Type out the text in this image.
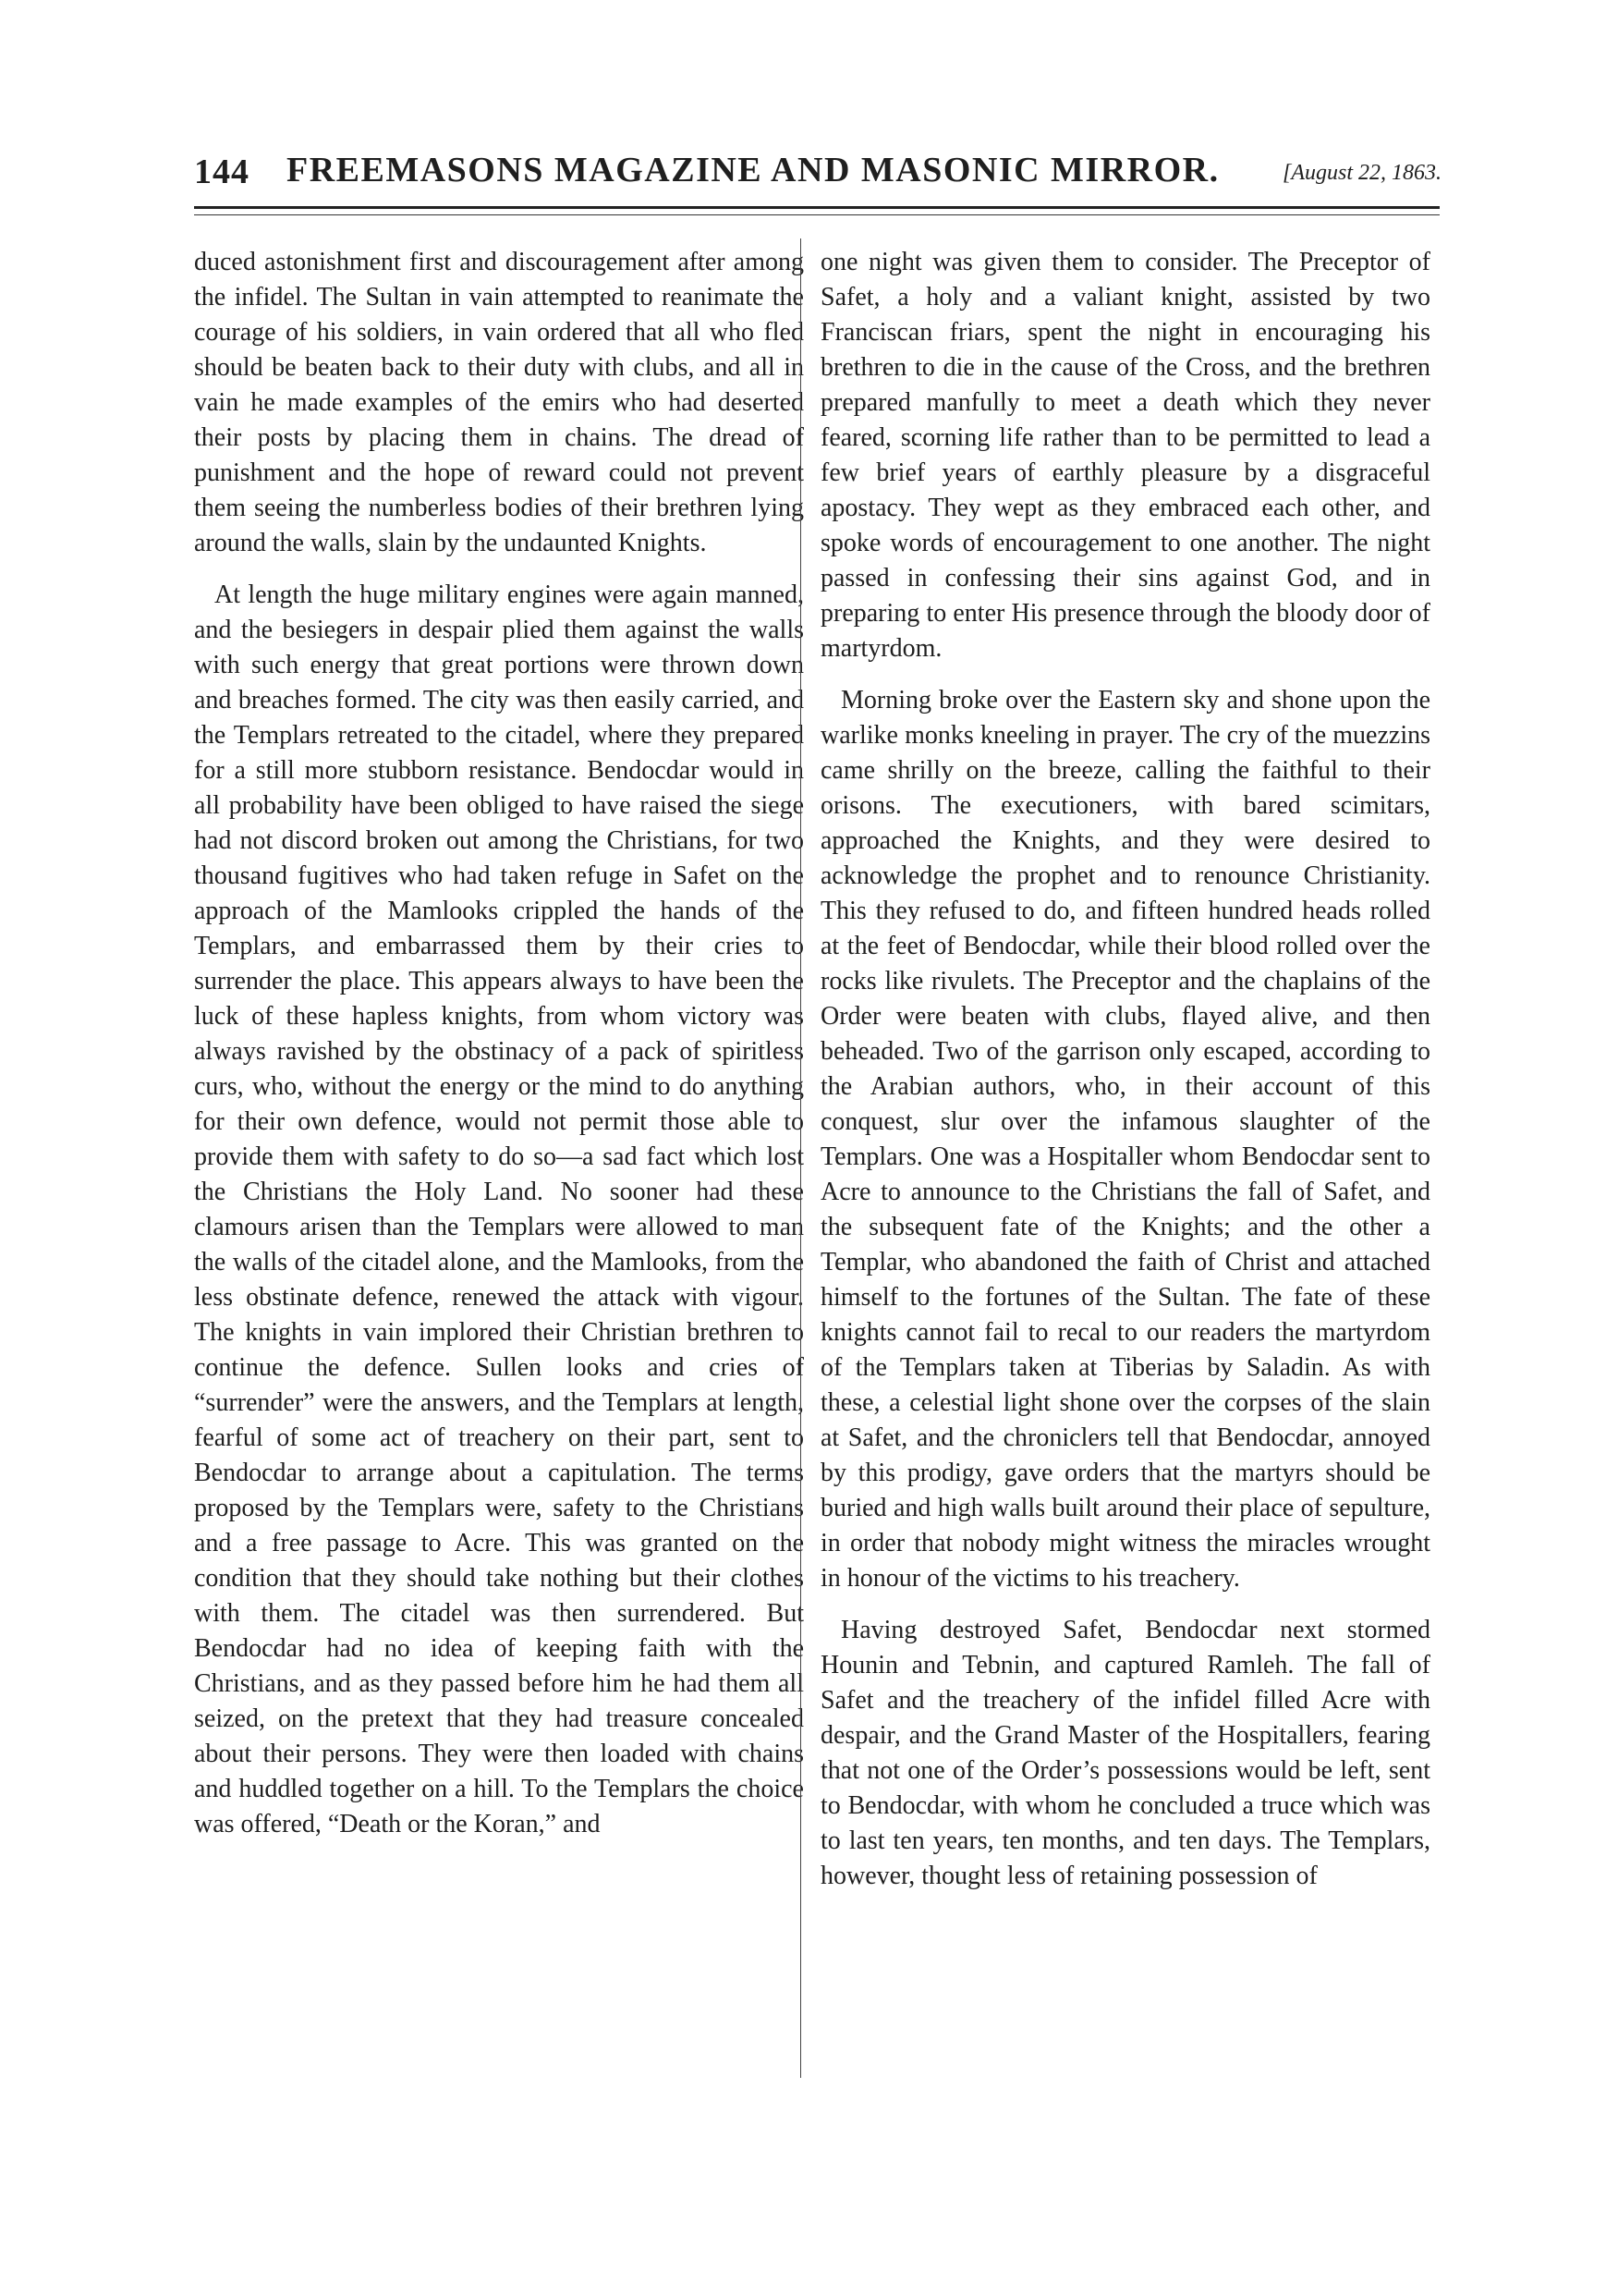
144 FREEMASONS MAGAZINE AND MASONIC MIRROR.	[August 22, 1863.

duced astonishment first and discouragement after among the infidel. The Sultan in vain attempted to reanimate the courage of his soldiers, in vain ordered that all who fled should be beaten back to their duty with clubs, and all in vain he made examples of the emirs who had deserted their posts by placing them in chains. The dread of punishment and the hope of reward could not prevent them seeing the numberless bodies of their brethren lying around the walls, slain by the undaunted Knights.

At length the huge military engines were again manned, and the besiegers in despair plied them against the walls with such energy that great portions were thrown down and breaches formed. The city was then easily carried, and the Templars retreated to the citadel, where they prepared for a still more stubborn resistance. Bendocdar would in all probability have been obliged to have raised the siege had not discord broken out among the Christians, for two thousand fugitives who had taken refuge in Safet on the approach of the Mamlooks crippled the hands of the Templars, and embarrassed them by their cries to surrender the place. This appears always to have been the luck of these hapless knights, from whom victory was always ravished by the obstinacy of a pack of spiritless curs, who, without the energy or the mind to do anything for their own defence, would not permit those able to provide them with safety to do so—a sad fact which lost the Christians the Holy Land. No sooner had these clamours arisen than the Templars were allowed to man the walls of the citadel alone, and the Mamlooks, from the less obstinate defence, renewed the attack with vigour. The knights in vain implored their Christian brethren to continue the defence. Sullen looks and cries of “surrender” were the answers, and the Templars at length, fearful of some act of treachery on their part, sent to Bendocdar to arrange about a capitulation. The terms proposed by the Templars were, safety to the Christians and a free passage to Acre. This was granted on the condition that they should take nothing but their clothes with them. The citadel was then surrendered. But Bendocdar had no idea of keeping faith with the Christians, and as they passed before him he had them all seized, on the pretext that they had treasure concealed about their persons. They were then loaded with chains and huddled together on a hill. To the Templars the choice was offered, “Death or the Koran,” and

one night was given them to consider. The Preceptor of Safet, a holy and a valiant knight, assisted by two Franciscan friars, spent the night in encouraging his brethren to die in the cause of the Cross, and the brethren prepared manfully to meet a death which they never feared, scorning life rather than to be permitted to lead a few brief years of earthly pleasure by a disgraceful apostacy. They wept as they embraced each other, and spoke words of encouragement to one another. The night passed in confessing their sins against God, and in preparing to enter His presence through the bloody door of martyrdom.

Morning broke over the Eastern sky and shone upon the warlike monks kneeling in prayer. The cry of the muezzins came shrilly on the breeze, calling the faithful to their orisons. The executioners, with bared scimitars, approached the Knights, and they were desired to acknowledge the prophet and to renounce Christianity. This they refused to do, and fifteen hundred heads rolled at the feet of Bendocdar, while their blood rolled over the rocks like rivulets. The Preceptor and the chaplains of the Order were beaten with clubs, flayed alive, and then beheaded. Two of the garrison only escaped, according to the Arabian authors, who, in their account of this conquest, slur over the infamous slaughter of the Templars. One was a Hospitaller whom Bendocdar sent to Acre to announce to the Christians the fall of Safet, and the subsequent fate of the Knights; and the other a Templar, who abandoned the faith of Christ and attached himself to the fortunes of the Sultan. The fate of these knights cannot fail to recal to our readers the martyrdom of the Templars taken at Tiberias by Saladin. As with these, a celestial light shone over the corpses of the slain at Safet, and the chroniclers tell that Bendocdar, annoyed by this prodigy, gave orders that the martyrs should be buried and high walls built around their place of sepulture, in order that nobody might witness the miracles wrought in honour of the victims to his treachery.

Having destroyed Safet, Bendocdar next stormed Hounin and Tebnin, and captured Ramleh. The fall of Safet and the treachery of the infidel filled Acre with despair, and the Grand Master of the Hospitallers, fearing that not one of the Order’s possessions would be left, sent to Bendocdar, with whom he concluded a truce which was to last ten years, ten months, and ten days. The Templars, however, thought less of retaining possession of
